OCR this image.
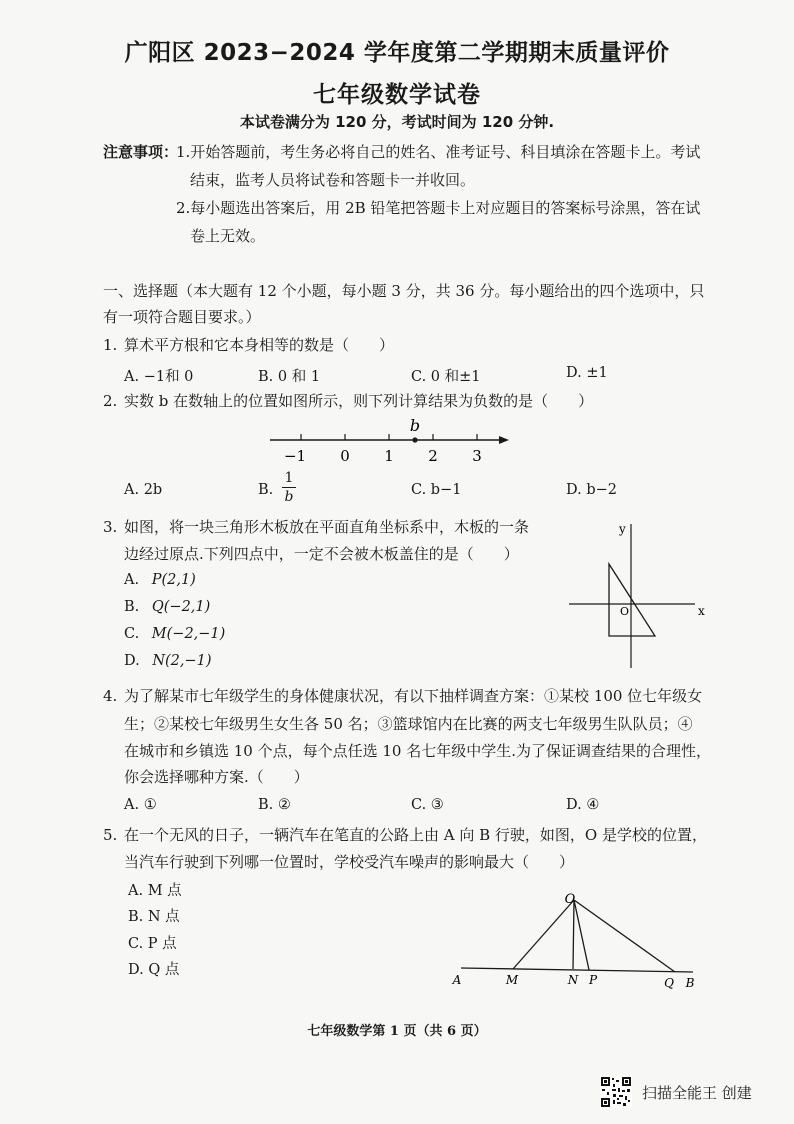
广阳区 2023−2024 学年度第二学期期末质量评价
七年级数学试卷
本试卷满分为 120 分，考试时间为 120 分钟.
注意事项：
1.开始答题前，考生务必将自己的姓名、准考证号、科目填涂在答题卡上。考试
结束，监考人员将试卷和答题卡一并收回。
2.每小题选出答案后，用 2B 铅笔把答题卡上对应题目的答案标号涂黑，答在试
卷上无效。
一、选择题（本大题有 12 个小题，每小题 3 分，共 36 分。每小题给出的四个选项中，只
有一项符合题目要求。）
1. 算术平方根和它本身相等的数是（　　）
A. −1和 0	B. 0 和 1	C. 0 和±1	D. ±1
2. 实数 b 在数轴上的位置如图所示，则下列计算结果为负数的是（　　）
−1 0 1 2 3
b
A. 2b	B. $\frac{1}{b}$	C. b−1	D. b−2
3. 如图，将一块三角形木板放在平面直角坐标系中，木板的一条
边经过原点.下列四点中，一定不会被木板盖住的是（　　）
A. P(2,1)
B. Q(−2,1)
C. M(−2,−1)
D. N(2,−1)
y
x
O
4. 为了解某市七年级学生的身体健康状况，有以下抽样调查方案：①某校 100 位七年级女
生；②某校七年级男生女生各 50 名；③篮球馆内在比赛的两支七年级男生队队员；④
在城市和乡镇选 10 个点，每个点任选 10 名七年级中学生.为了保证调查结果的合理性，
你会选择哪种方案.（　　）
A. ①	B. ②	C. ③	D. ④
5. 在一个无风的日子，一辆汽车在笔直的公路上由 A 向 B 行驶，如图，O 是学校的位置，
当汽车行驶到下列哪一位置时，学校受汽车噪声的影响最大（　　）
A. M 点
B. N 点
C. P 点
D. Q 点
O
A	M	N P	Q B
七年级数学第 1 页（共 6 页）
扫描全能王 创建
